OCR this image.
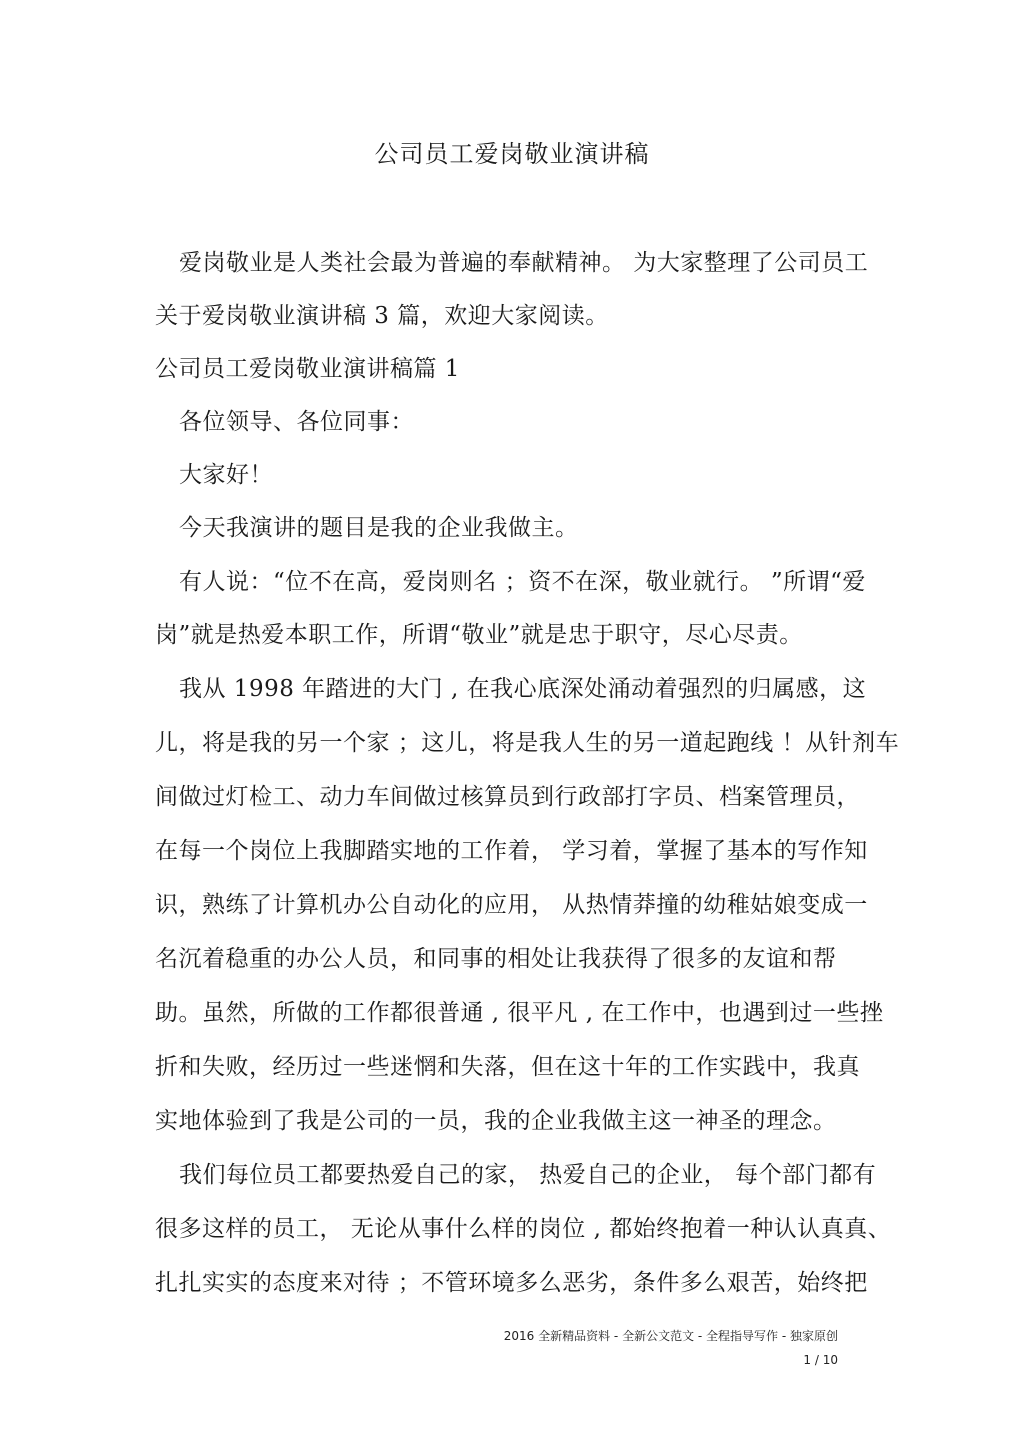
公司员工爱岗敬业演讲稿
爱岗敬业是人类社会最为普遍的奉献精神。 为大家整理了公司员工
关于爱岗敬业演讲稿 3 篇，欢迎大家阅读。
公司员工爱岗敬业演讲稿篇 1
各位领导、各位同事：
大家好！
今天我演讲的题目是我的企业我做主。
有人说：“位不在高，爱岗则名 ；资不在深，敬业就行。 ”所谓“爱
岗”就是热爱本职工作，所谓“敬业”就是忠于职守，尽心尽责。
我从 1998 年踏进的大门 , 在我心底深处涌动着强烈的归属感，这
儿，将是我的另一个家 ；这儿，将是我人生的另一道起跑线 ！从针剂车
间做过灯检工、动力车间做过核算员到行政部打字员、档案管理员，
在每一个岗位上我脚踏实地的工作着， 学习着，掌握了基本的写作知
识，熟练了计算机办公自动化的应用， 从热情莽撞的幼稚姑娘变成一
名沉着稳重的办公人员，和同事的相处让我获得了很多的友谊和帮
助。虽然，所做的工作都很普通 , 很平凡 , 在工作中，也遇到过一些挫
折和失败，经历过一些迷惘和失落，但在这十年的工作实践中，我真
实地体验到了我是公司的一员，我的企业我做主这一神圣的理念。
我们每位员工都要热爱自己的家， 热爱自己的企业， 每个部门都有
很多这样的员工， 无论从事什么样的岗位 , 都始终抱着一种认认真真、
扎扎实实的态度来对待 ；不管环境多么恶劣，条件多么艰苦，始终把
2016 全新精品资料 - 全新公文范文 - 全程指导写作 - 独家原创
1 / 10
